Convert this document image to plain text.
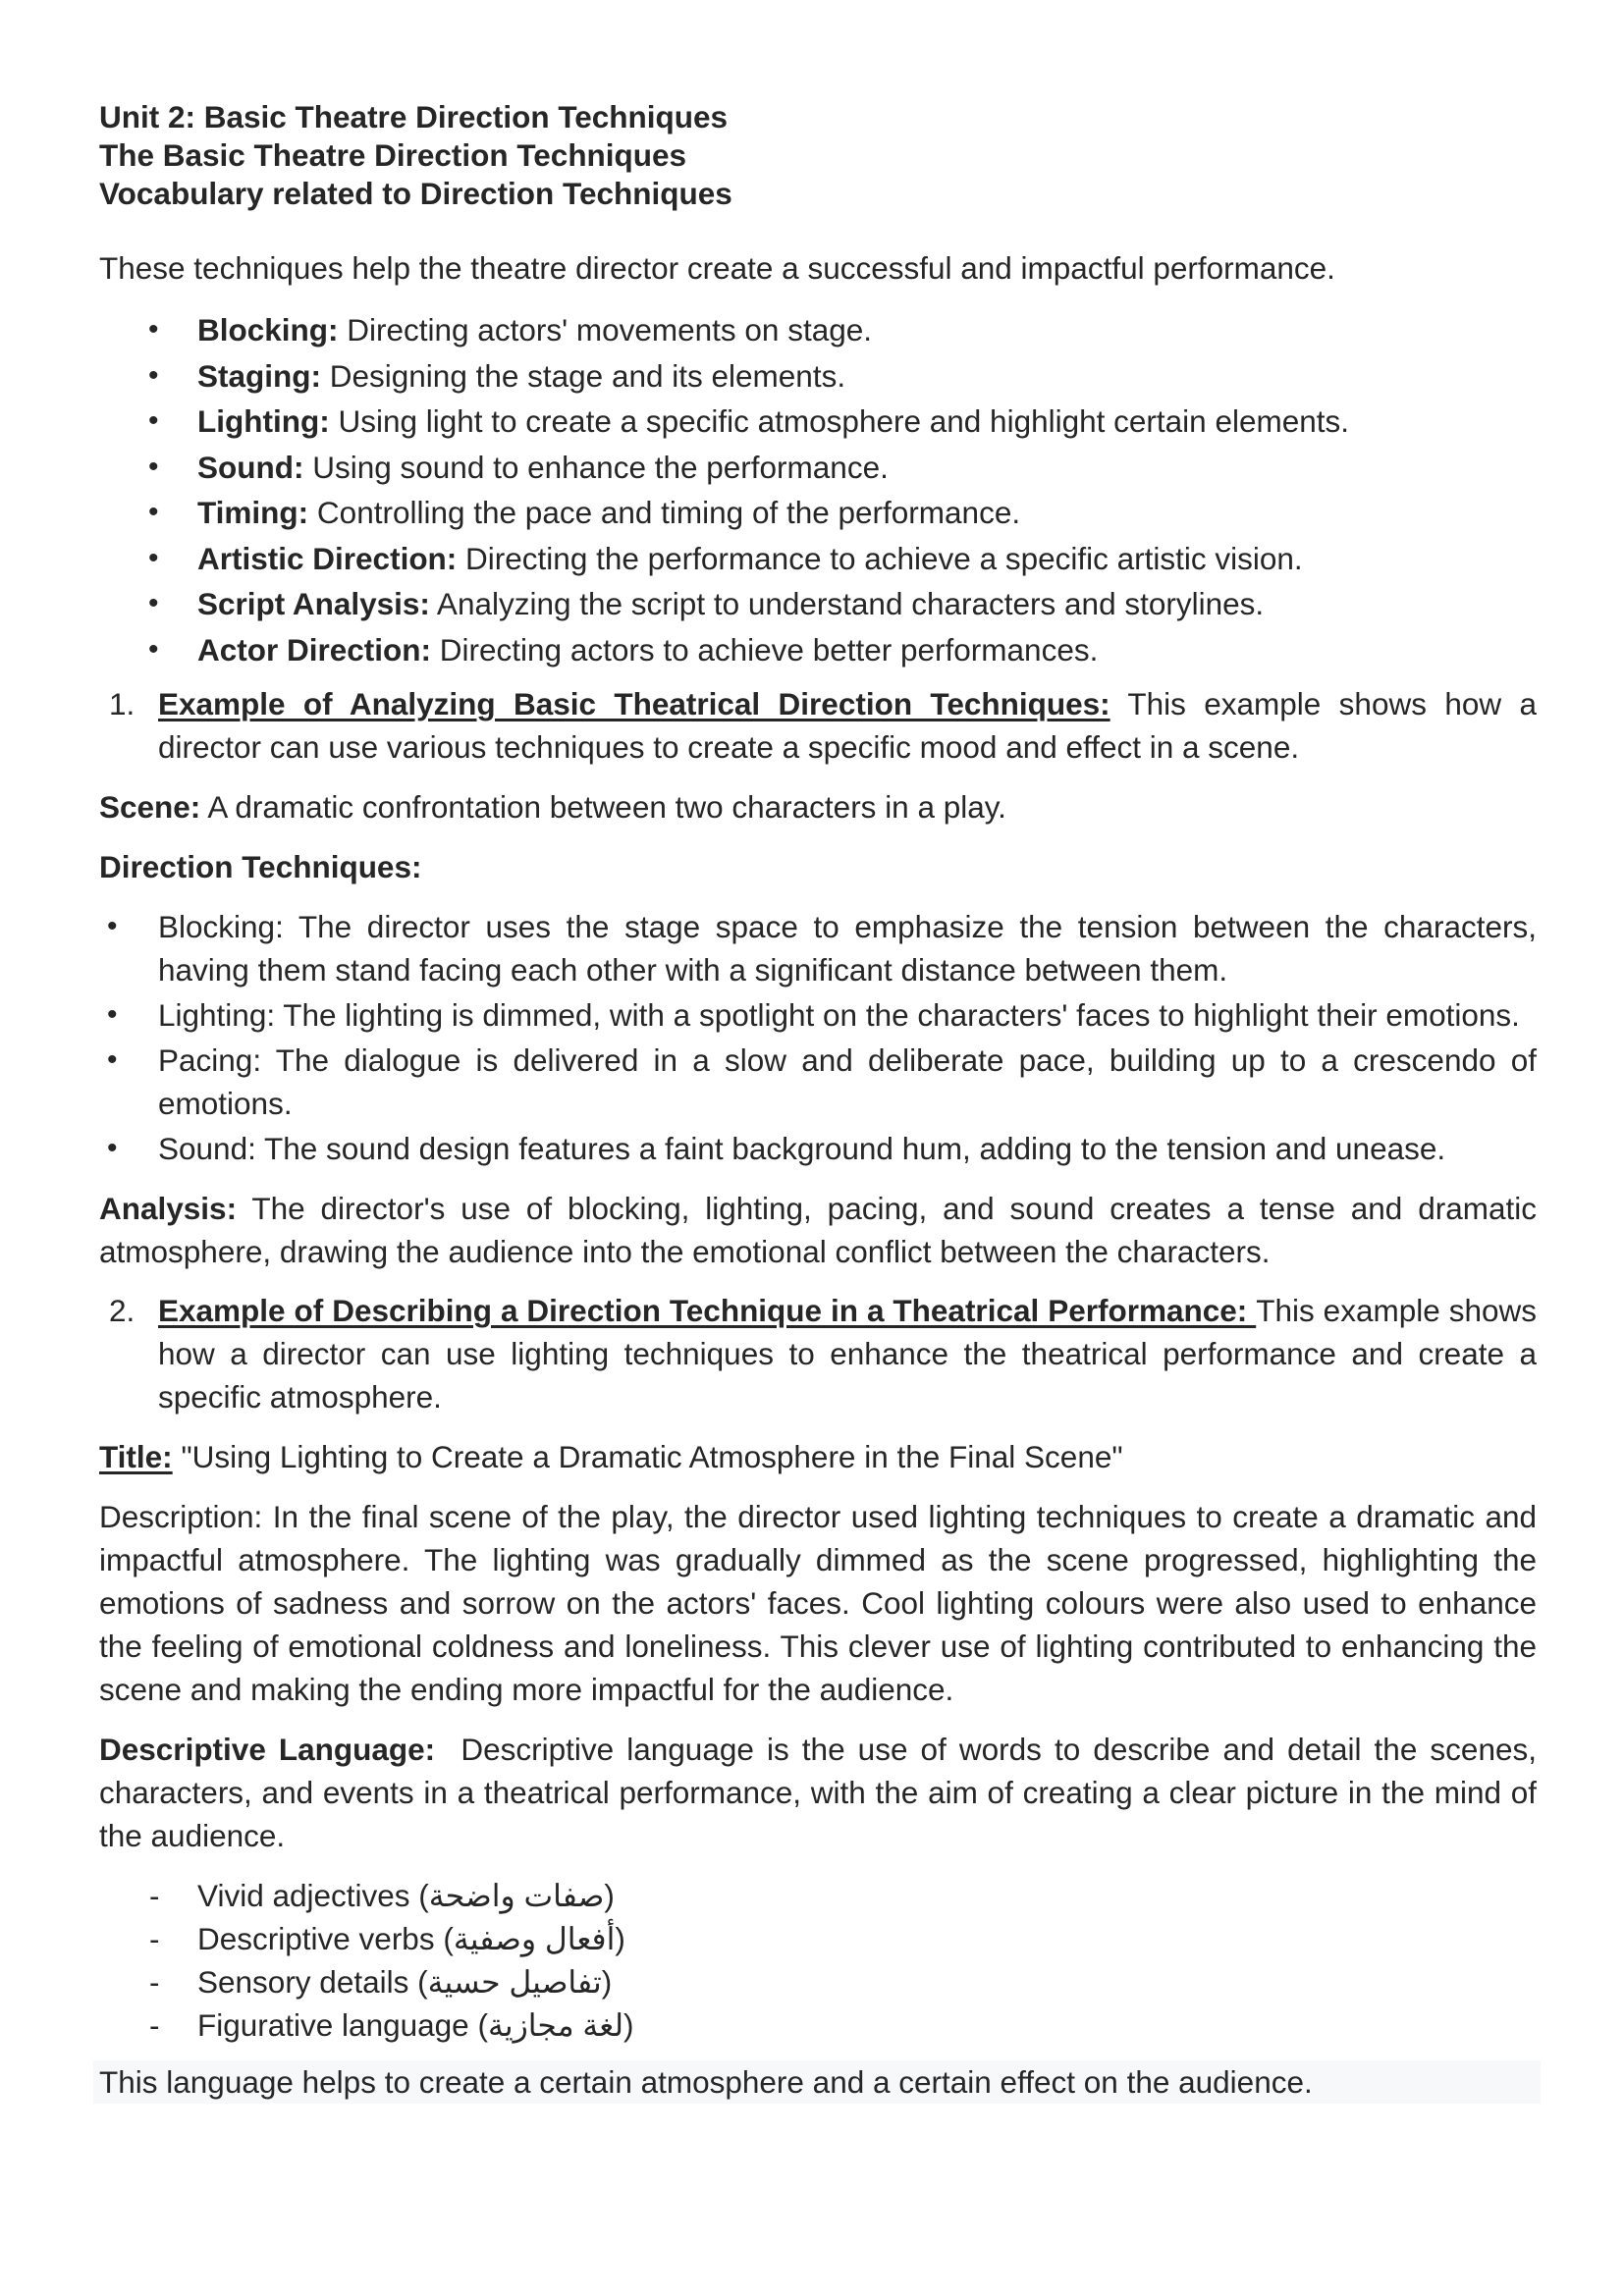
Unit 2: Basic Theatre Direction Techniques
The Basic Theatre Direction Techniques
Vocabulary related to Direction Techniques
These techniques help the theatre director create a successful and impactful performance.
• Blocking: Directing actors' movements on stage.
• Staging: Designing the stage and its elements.
• Lighting: Using light to create a specific atmosphere and highlight certain elements.
• Sound: Using sound to enhance the performance.
• Timing: Controlling the pace and timing of the performance.
• Artistic Direction: Directing the performance to achieve a specific artistic vision.
• Script Analysis: Analyzing the script to understand characters and storylines.
• Actor Direction: Directing actors to achieve better performances.
1. Example of Analyzing Basic Theatrical Direction Techniques: This example shows how a director can use various techniques to create a specific mood and effect in a scene.
Scene: A dramatic confrontation between two characters in a play.
Direction Techniques:
• Blocking: The director uses the stage space to emphasize the tension between the characters, having them stand facing each other with a significant distance between them.
• Lighting: The lighting is dimmed, with a spotlight on the characters' faces to highlight their emotions.
• Pacing: The dialogue is delivered in a slow and deliberate pace, building up to a crescendo of emotions.
• Sound: The sound design features a faint background hum, adding to the tension and unease.
Analysis: The director's use of blocking, lighting, pacing, and sound creates a tense and dramatic atmosphere, drawing the audience into the emotional conflict between the characters.
2. Example of Describing a Direction Technique in a Theatrical Performance: This example shows how a director can use lighting techniques to enhance the theatrical performance and create a specific atmosphere.
Title: "Using Lighting to Create a Dramatic Atmosphere in the Final Scene"
Description: In the final scene of the play, the director used lighting techniques to create a dramatic and impactful atmosphere. The lighting was gradually dimmed as the scene progressed, highlighting the emotions of sadness and sorrow on the actors' faces. Cool lighting colours were also used to enhance the feeling of emotional coldness and loneliness. This clever use of lighting contributed to enhancing the scene and making the ending more impactful for the audience.
Descriptive Language:  Descriptive language is the use of words to describe and detail the scenes, characters, and events in a theatrical performance, with the aim of creating a clear picture in the mind of the audience.
- Vivid adjectives (صفات واضحة)
- Descriptive verbs (أفعال وصفية)
- Sensory details (تفاصيل حسية)
- Figurative language (لغة مجازية)
This language helps to create a certain atmosphere and a certain effect on the audience.
